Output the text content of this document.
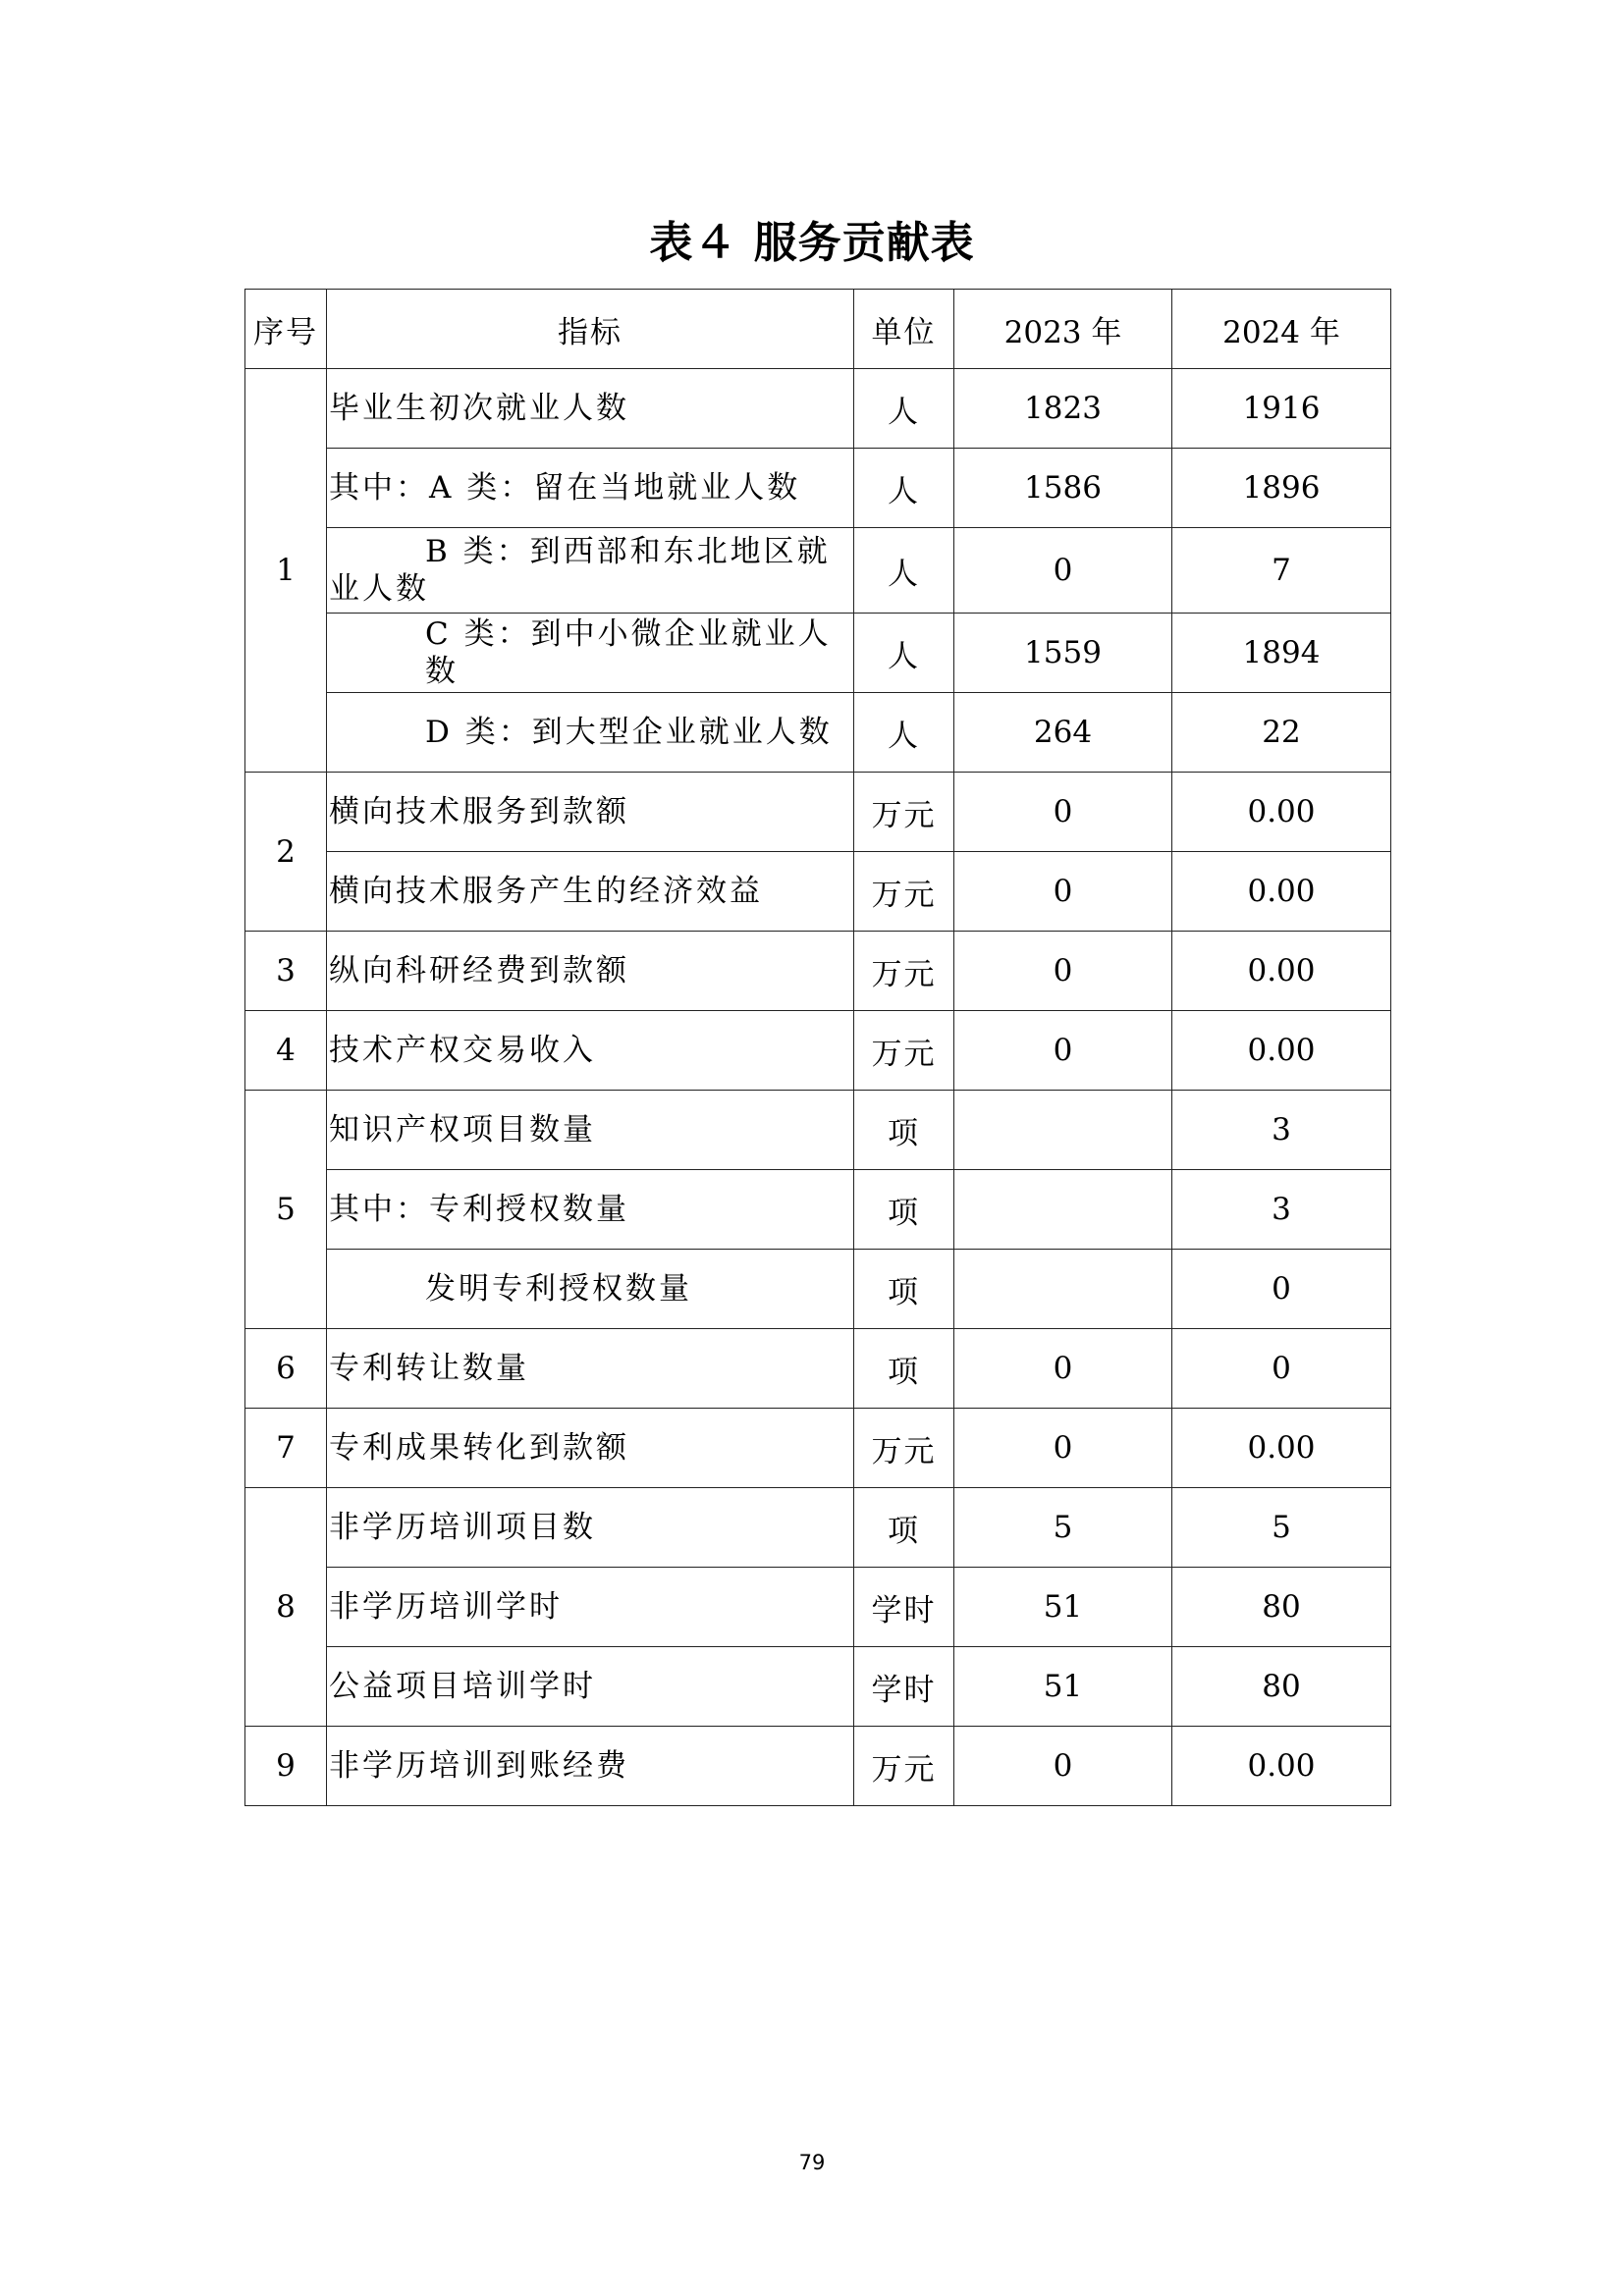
表４ 服务贡献表
序号	指标	单位	2023 年	2024 年
1	毕业生初次就业人数	人	1823	1916
	其中：A 类：留在当地就业人数	人	1586	1896
	B 类：到西部和东北地区就业人数	人	0	7
	C 类：到中小微企业就业人数	人	1559	1894
	D 类：到大型企业就业人数	人	264	22
2	横向技术服务到款额	万元	0	0.00
	横向技术服务产生的经济效益	万元	0	0.00
3	纵向科研经费到款额	万元	0	0.00
4	技术产权交易收入	万元	0	0.00
5	知识产权项目数量	项		3
	其中：专利授权数量	项		3
	发明专利授权数量	项		0
6	专利转让数量	项	0	0
7	专利成果转化到款额	万元	0	0.00
8	非学历培训项目数	项	5	5
	非学历培训学时	学时	51	80
	公益项目培训学时	学时	51	80
9	非学历培训到账经费	万元	0	0.00
79
